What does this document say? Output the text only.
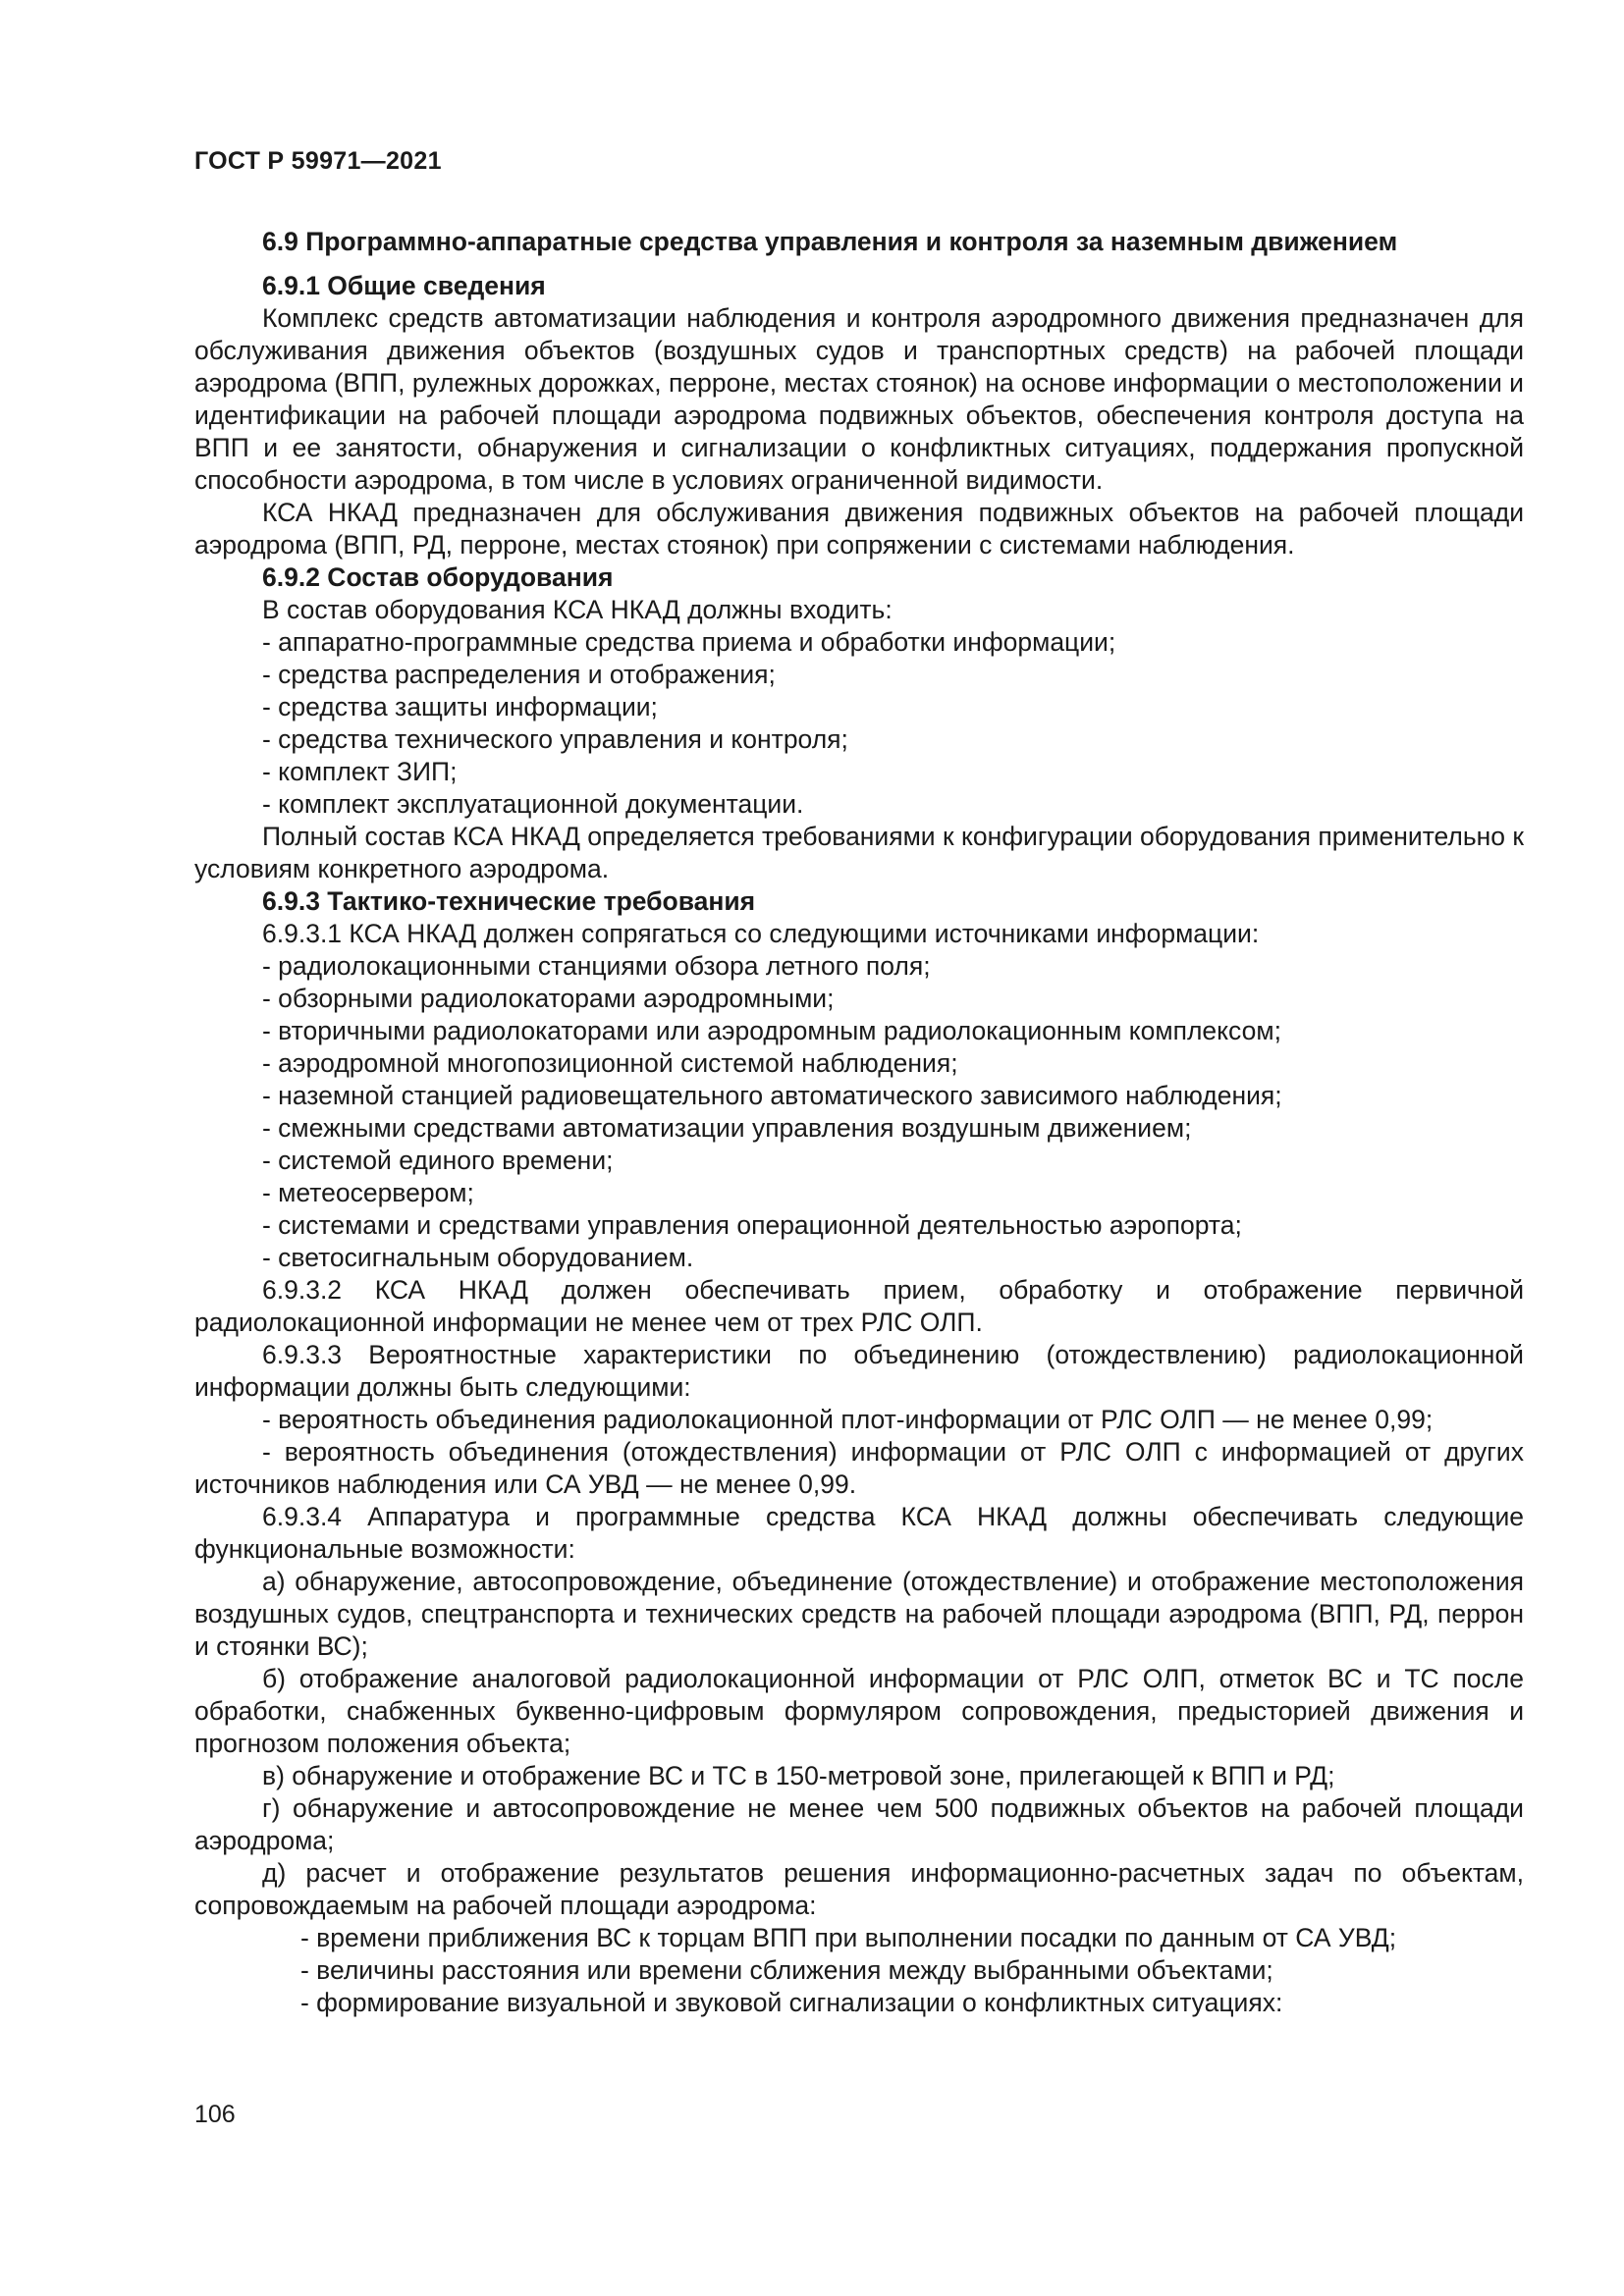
ГОСТ Р 59971—2021

6.9 Программно-аппаратные средства управления и контроля за наземным движением

6.9.1 Общие сведения

Комплекс средств автоматизации наблюдения и контроля аэродромного движения предназначен для обслуживания движения объектов (воздушных судов и транспортных средств) на рабочей площади аэродрома (ВПП, рулежных дорожках, перроне, местах стоянок) на основе информации о местоположении и идентификации на рабочей площади аэродрома подвижных объектов, обеспечения контроля доступа на ВПП и ее занятости, обнаружения и сигнализации о конфликтных ситуациях, поддержания пропускной способности аэродрома, в том числе в условиях ограниченной видимости.

КСА НКАД предназначен для обслуживания движения подвижных объектов на рабочей площади аэродрома (ВПП, РД, перроне, местах стоянок) при сопряжении с системами наблюдения.

6.9.2 Состав оборудования

В состав оборудования КСА НКАД должны входить:

- аппаратно-программные средства приема и обработки информации;

- средства распределения и отображения;

- средства защиты информации;

- средства технического управления и контроля;

- комплект ЗИП;

- комплект эксплуатационной документации.

Полный состав КСА НКАД определяется требованиями к конфигурации оборудования применительно к условиям конкретного аэродрома.

6.9.3 Тактико-технические требования

6.9.3.1 КСА НКАД должен сопрягаться со следующими источниками информации:

- радиолокационными станциями обзора летного поля;

- обзорными радиолокаторами аэродромными;

- вторичными радиолокаторами или аэродромным радиолокационным комплексом;

- аэродромной многопозиционной системой наблюдения;

- наземной станцией радиовещательного автоматического зависимого наблюдения;

- смежными средствами автоматизации управления воздушным движением;

- системой единого времени;

- метеосервером;

- системами и средствами управления операционной деятельностью аэропорта;

- светосигнальным оборудованием.

6.9.3.2 КСА НКАД должен обеспечивать прием, обработку и отображение первичной радиолокационной информации не менее чем от трех РЛС ОЛП.

6.9.3.3 Вероятностные характеристики по объединению (отождествлению) радиолокационной информации должны быть следующими:

- вероятность объединения радиолокационной плот-информации от РЛС ОЛП — не менее 0,99;

- вероятность объединения (отождествления) информации от РЛС ОЛП с информацией от других источников наблюдения или СА УВД — не менее 0,99.

6.9.3.4 Аппаратура и программные средства КСА НКАД должны обеспечивать следующие функциональные возможности:

а) обнаружение, автосопровождение, объединение (отождествление) и отображение местоположения воздушных судов, спецтранспорта и технических средств на рабочей площади аэродрома (ВПП, РД, перрон и стоянки ВС);

б) отображение аналоговой радиолокационной информации от РЛС ОЛП, отметок ВС и ТС после обработки, снабженных буквенно-цифровым формуляром сопровождения, предысторией движения и прогнозом положения объекта;

в) обнаружение и отображение ВС и ТС в 150-метровой зоне, прилегающей к ВПП и РД;

г) обнаружение и автосопровождение не менее чем 500 подвижных объектов на рабочей площади аэродрома;

д) расчет и отображение результатов решения информационно-расчетных задач по объектам, сопровождаемым на рабочей площади аэродрома:

- времени приближения ВС к торцам ВПП при выполнении посадки по данным от СА УВД;

- величины расстояния или времени сближения между выбранными объектами;

- формирование визуальной и звуковой сигнализации о конфликтных ситуациях:

106
